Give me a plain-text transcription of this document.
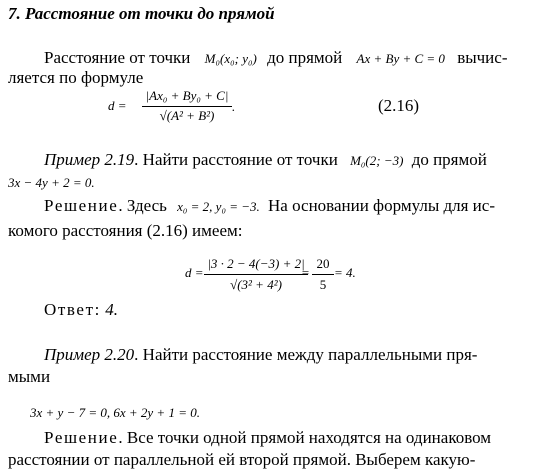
7. Расстояние от точки до прямой
Расстояние от точки M₀(x₀; y₀) до прямой Ax + By + C = 0 вычис-
ляется по формуле
d =
|Ax₀ + By₀ + C|
√(A² + B²)
.	(2.16)
Пример 2.19. Найти расстояние от точки M₀(2; −3) до прямой
3x − 4y + 2 = 0.
Решение. Здесь x₀ = 2, y₀ = −3. На основании формулы для ис-
комого расстояния (2.16) имеем:
d =
|3 · 2 − 4(−3) + 2|
√(3² + 4²)
=
20
5
= 4.
Ответ: 4.
Пример 2.20. Найти расстояние между параллельными пря-
мыми
3x + y − 7 = 0, 6x + 2y + 1 = 0.
Решение. Все точки одной прямой находятся на одинаковом
расстоянии от параллельной ей второй прямой. Выберем какую-
